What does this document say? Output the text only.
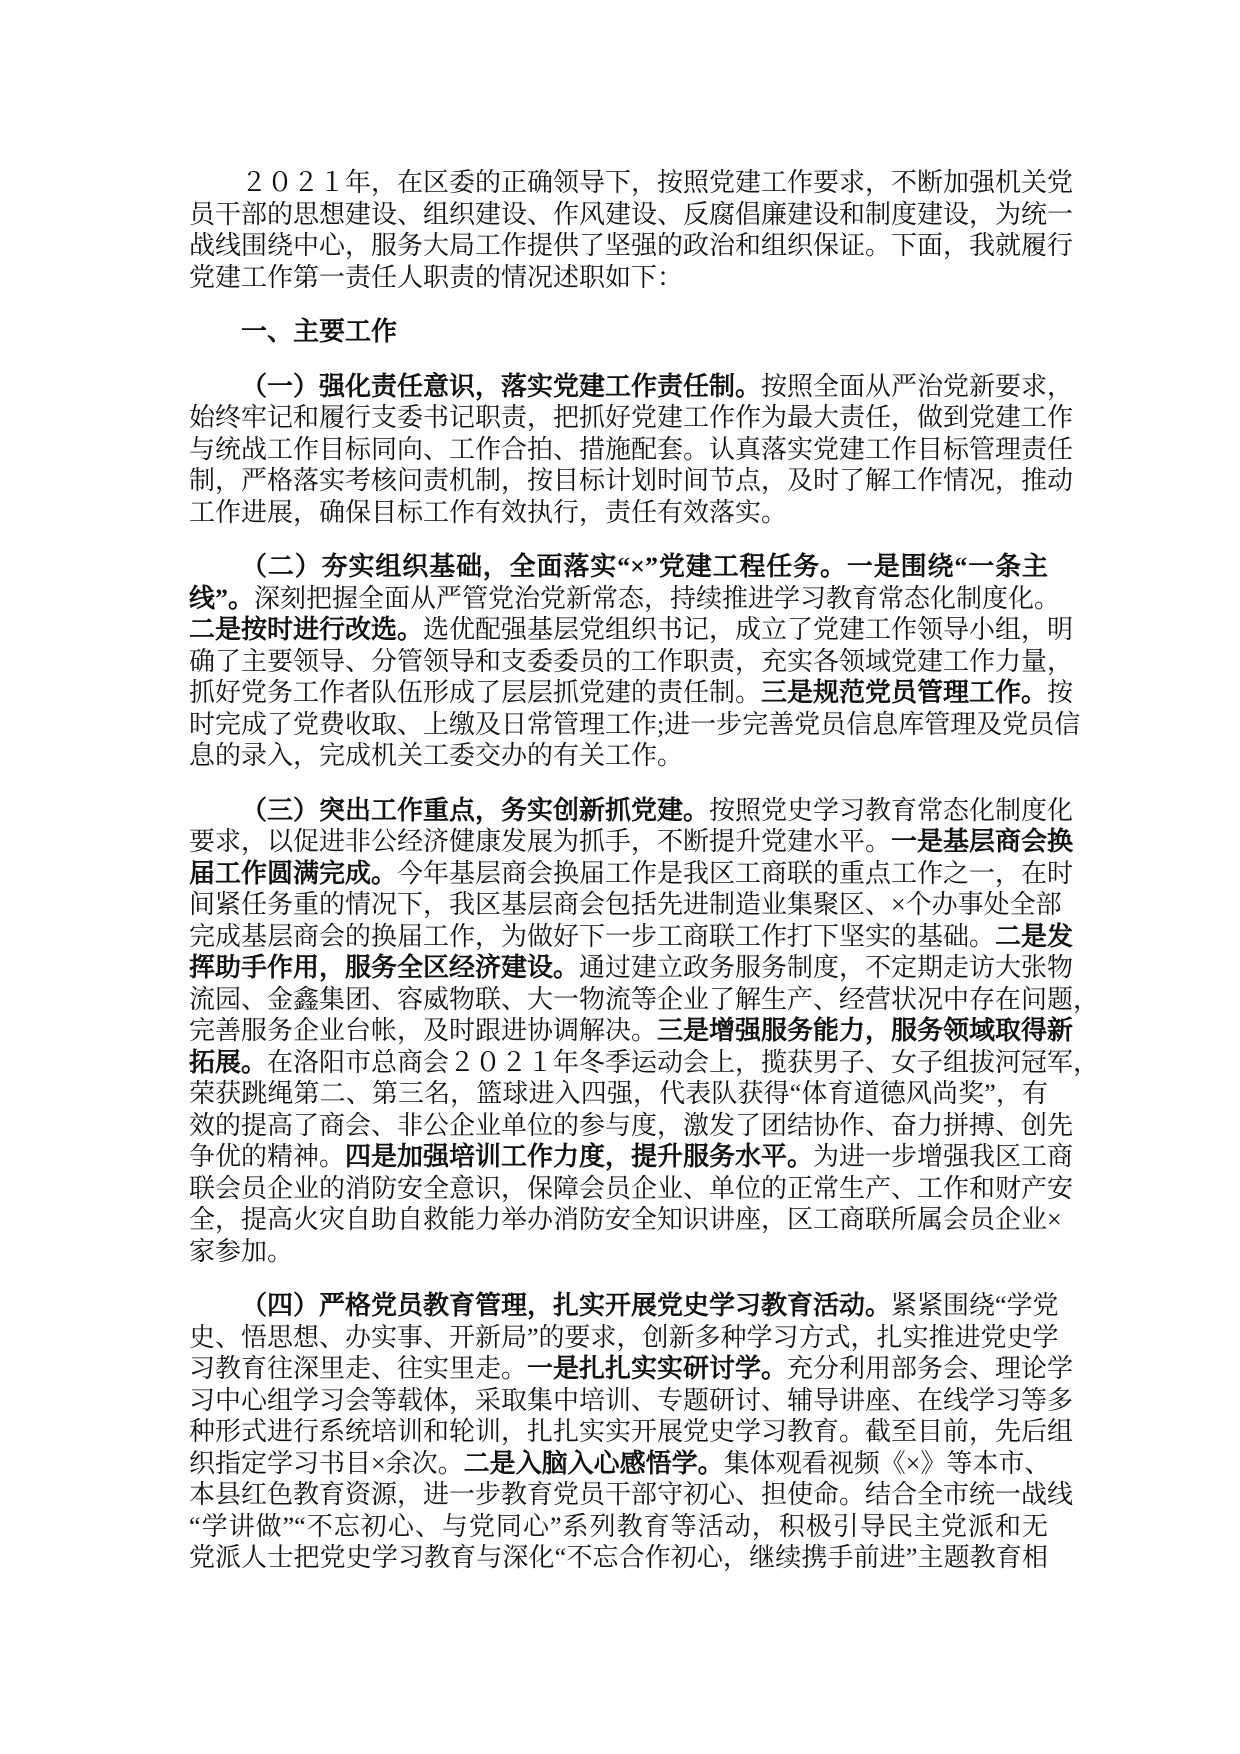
２０２１年，在区委的正确领导下，按照党建工作要求，不断加强机关党
员干部的思想建设、组织建设、作风建设、反腐倡廉建设和制度建设，为统一
战线围绕中心，服务大局工作提供了坚强的政治和组织保证。下面，我就履行
党建工作第一责任人职责的情况述职如下：
一、主要工作
（一）强化责任意识，落实党建工作责任制。按照全面从严治党新要求，
始终牢记和履行支委书记职责，把抓好党建工作作为最大责任，做到党建工作
与统战工作目标同向、工作合拍、措施配套。认真落实党建工作目标管理责任
制，严格落实考核问责机制，按目标计划时间节点，及时了解工作情况，推动
工作进展，确保目标工作有效执行，责任有效落实。
（二）夯实组织基础，全面落实“×”党建工程任务。一是围绕“一条主
线”。深刻把握全面从严管党治党新常态，持续推进学习教育常态化制度化。
二是按时进行改选。选优配强基层党组织书记，成立了党建工作领导小组，明
确了主要领导、分管领导和支委委员的工作职责，充实各领域党建工作力量，
抓好党务工作者队伍形成了层层抓党建的责任制。三是规范党员管理工作。按
时完成了党费收取、上缴及日常管理工作;进一步完善党员信息库管理及党员信
息的录入，完成机关工委交办的有关工作。
（三）突出工作重点，务实创新抓党建。按照党史学习教育常态化制度化
要求，以促进非公经济健康发展为抓手，不断提升党建水平。一是基层商会换
届工作圆满完成。今年基层商会换届工作是我区工商联的重点工作之一，在时
间紧任务重的情况下，我区基层商会包括先进制造业集聚区、×个办事处全部
完成基层商会的换届工作，为做好下一步工商联工作打下坚实的基础。二是发
挥助手作用，服务全区经济建设。通过建立政务服务制度，不定期走访大张物
流园、金鑫集团、容威物联、大一物流等企业了解生产、经营状况中存在问题，
完善服务企业台帐，及时跟进协调解决。三是增强服务能力，服务领域取得新
拓展。在洛阳市总商会２０２１年冬季运动会上，揽获男子、女子组拔河冠军，
荣获跳绳第二、第三名，篮球进入四强，代表队获得“体育道德风尚奖”，有
效的提高了商会、非公企业单位的参与度，激发了团结协作、奋力拼搏、创先
争优的精神。四是加强培训工作力度，提升服务水平。为进一步增强我区工商
联会员企业的消防安全意识，保障会员企业、单位的正常生产、工作和财产安
全，提高火灾自助自救能力举办消防安全知识讲座，区工商联所属会员企业×
家参加。
（四）严格党员教育管理，扎实开展党史学习教育活动。紧紧围绕“学党
史、悟思想、办实事、开新局”的要求，创新多种学习方式，扎实推进党史学
习教育往深里走、往实里走。一是扎扎实实研讨学。充分利用部务会、理论学
习中心组学习会等载体，采取集中培训、专题研讨、辅导讲座、在线学习等多
种形式进行系统培训和轮训，扎扎实实开展党史学习教育。截至目前，先后组
织指定学习书目×余次。二是入脑入心感悟学。集体观看视频《×》等本市、
本县红色教育资源，进一步教育党员干部守初心、担使命。结合全市统一战线
“学讲做”“不忘初心、与党同心”系列教育等活动，积极引导民主党派和无
党派人士把党史学习教育与深化“不忘合作初心，继续携手前进”主题教育相
